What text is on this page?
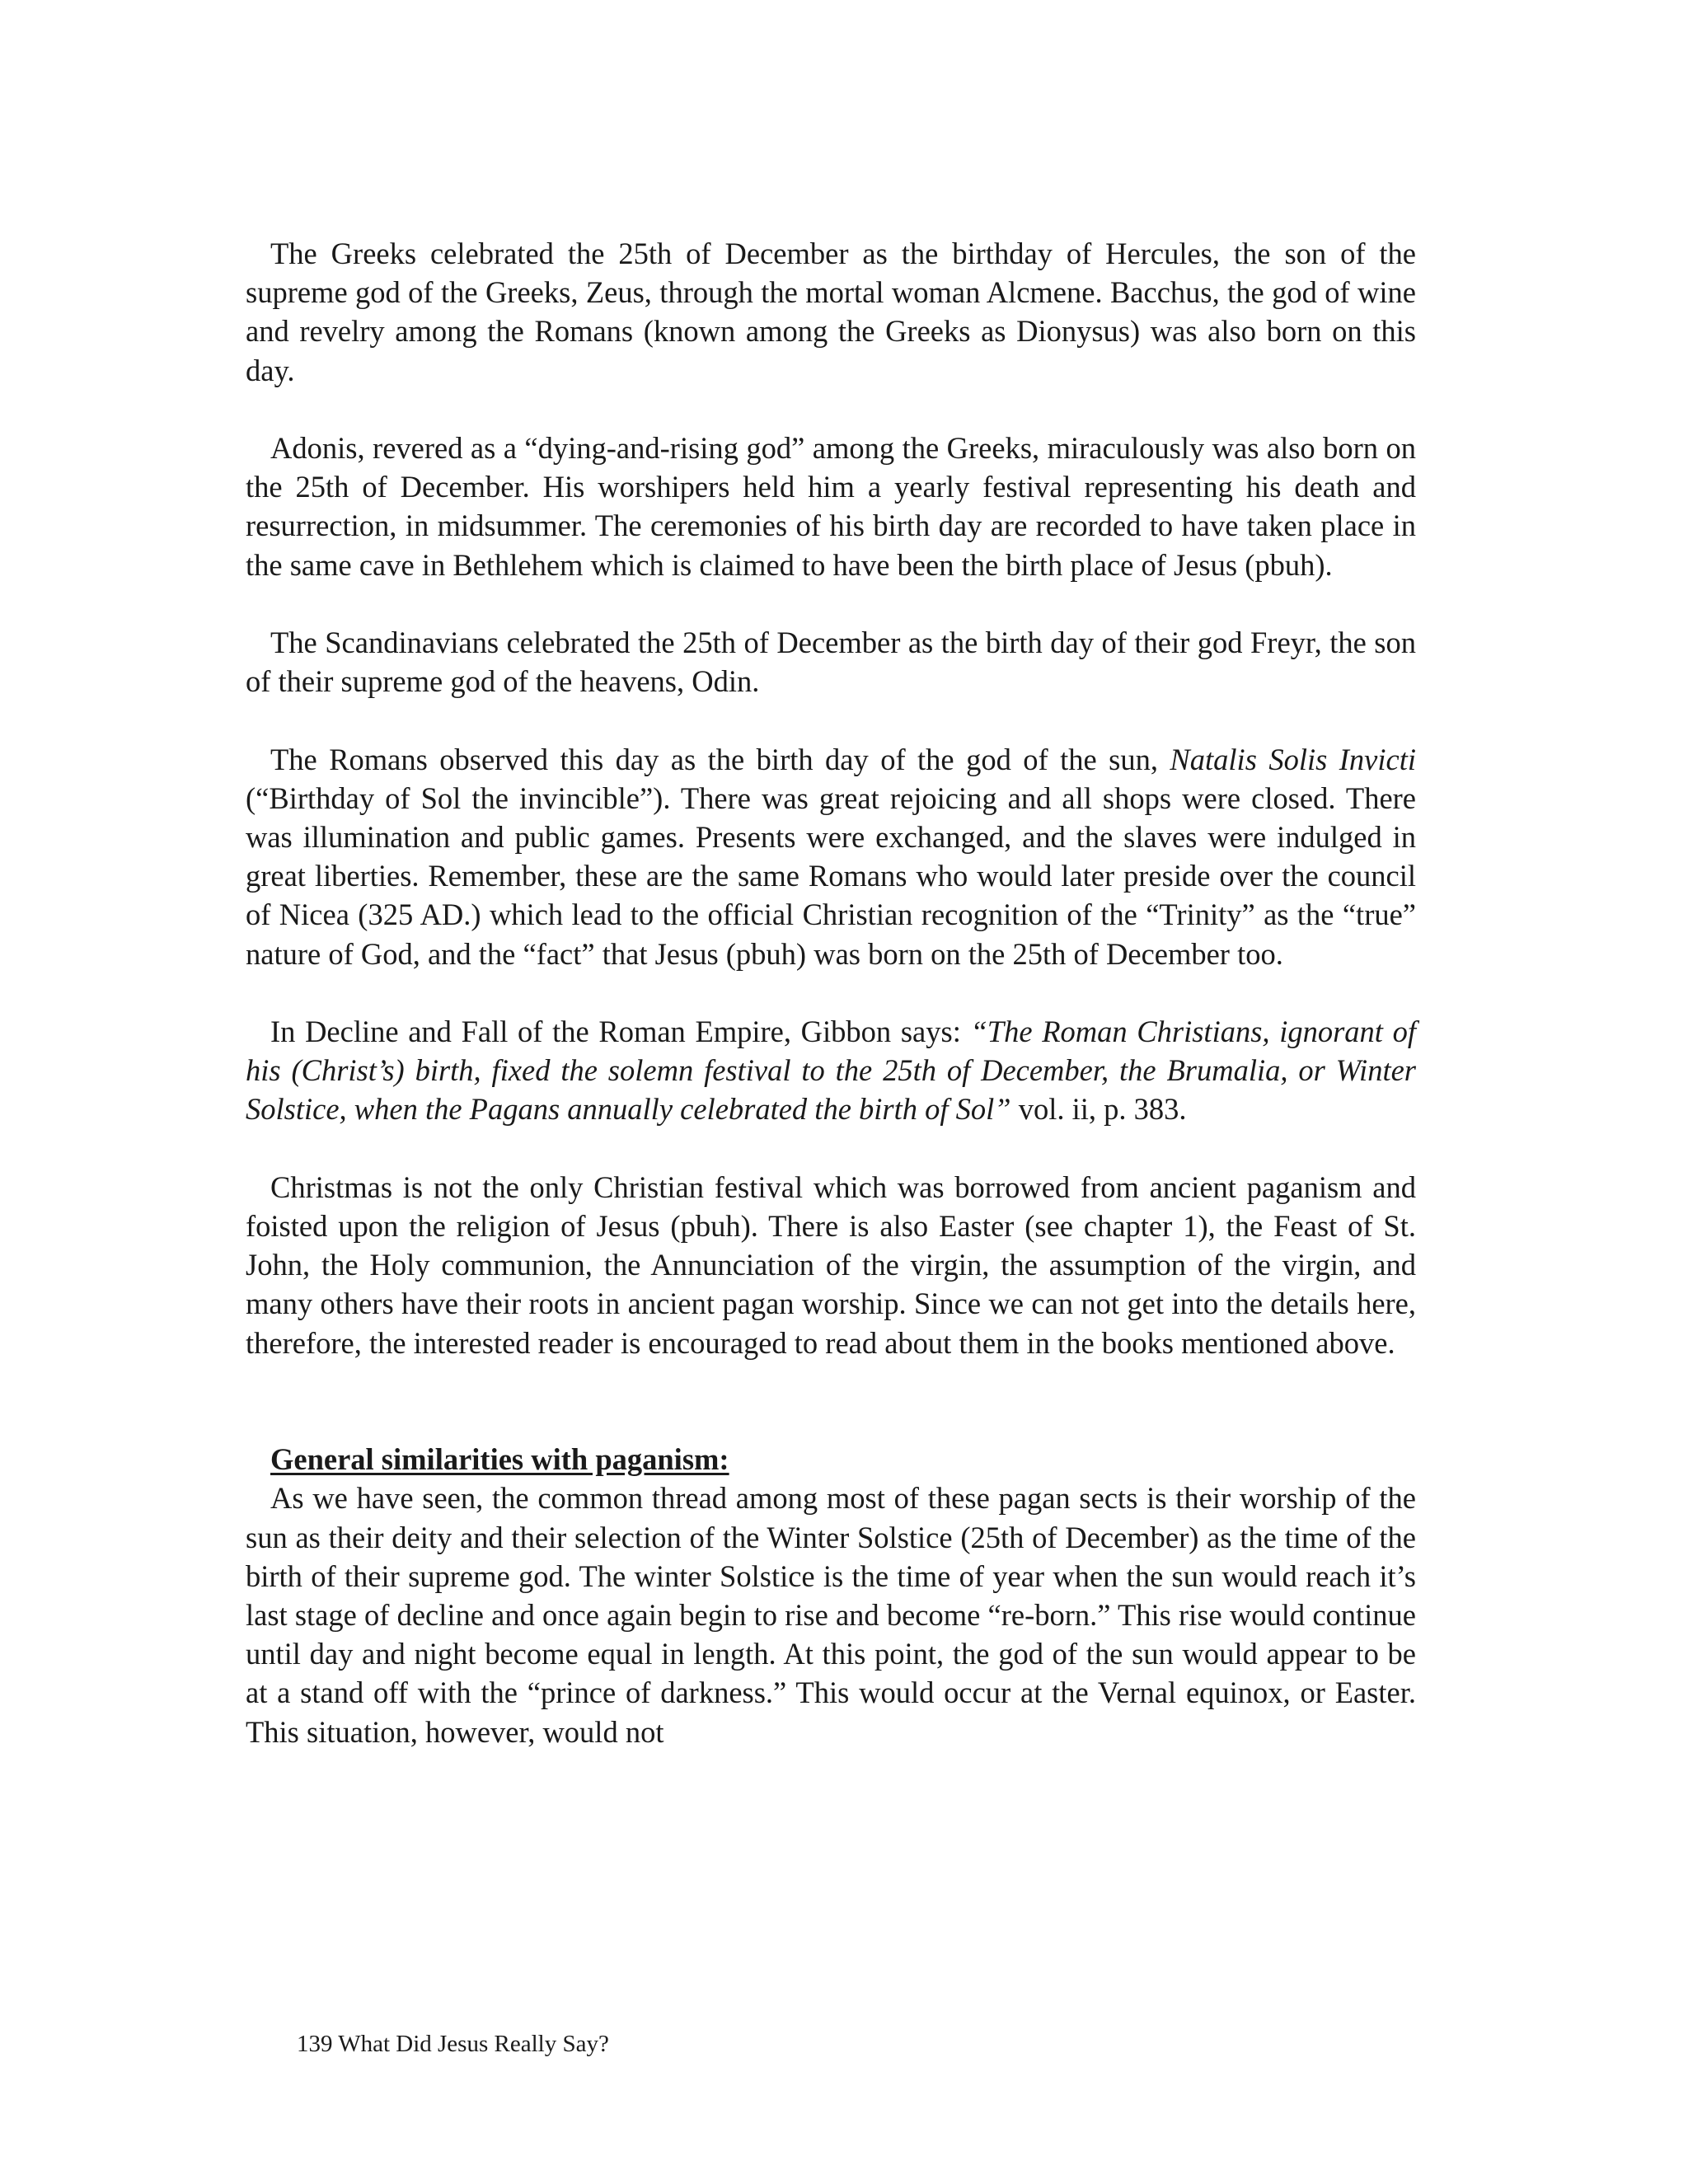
The Greeks celebrated the 25th of December as the birthday of Hercules, the son of the supreme god of the Greeks, Zeus, through the mortal woman Alcmene. Bacchus, the god of wine and revelry among the Romans (known among the Greeks as Dionysus) was also born on this day.

Adonis, revered as a “dying-and-rising god” among the Greeks, miraculously was also born on the 25th of December. His worshipers held him a yearly festival representing his death and resurrection, in midsummer. The ceremonies of his birth day are recorded to have taken place in the same cave in Bethlehem which is claimed to have been the birth place of Jesus (pbuh).

The Scandinavians celebrated the 25th of December as the birth day of their god Freyr, the son of their supreme god of the heavens, Odin.

The Romans observed this day as the birth day of the god of the sun, Natalis Solis Invicti (“Birthday of Sol the invincible”). There was great rejoicing and all shops were closed. There was illumination and public games. Presents were exchanged, and the slaves were indulged in great liberties. Remember, these are the same Romans who would later preside over the council of Nicea (325 AD.) which lead to the official Christian recognition of the “Trinity” as the “true” nature of God, and the “fact” that Jesus (pbuh) was born on the 25th of December too.

In Decline and Fall of the Roman Empire, Gibbon says: “The Roman Christians, ignorant of his (Christ’s) birth, fixed the solemn festival to the 25th of December, the Brumalia, or Winter Solstice, when the Pagans annually celebrated the birth of Sol” vol. ii, p. 383.

Christmas is not the only Christian festival which was borrowed from ancient paganism and foisted upon the religion of Jesus (pbuh). There is also Easter (see chapter 1), the Feast of St. John, the Holy communion, the Annunciation of the virgin, the assumption of the virgin, and many others have their roots in ancient pagan worship. Since we can not get into the details here, therefore, the interested reader is encouraged to read about them in the books mentioned above.

General similarities with paganism:

As we have seen, the common thread among most of these pagan sects is their worship of the sun as their deity and their selection of the Winter Solstice (25th of December) as the time of the birth of their supreme god. The winter Solstice is the time of year when the sun would reach it’s last stage of decline and once again begin to rise and become “re-born.” This rise would continue until day and night become equal in length. At this point, the god of the sun would appear to be at a stand off with the “prince of darkness.” This would occur at the Vernal equinox, or Easter. This situation, however, would not

139 What Did Jesus Really Say?
